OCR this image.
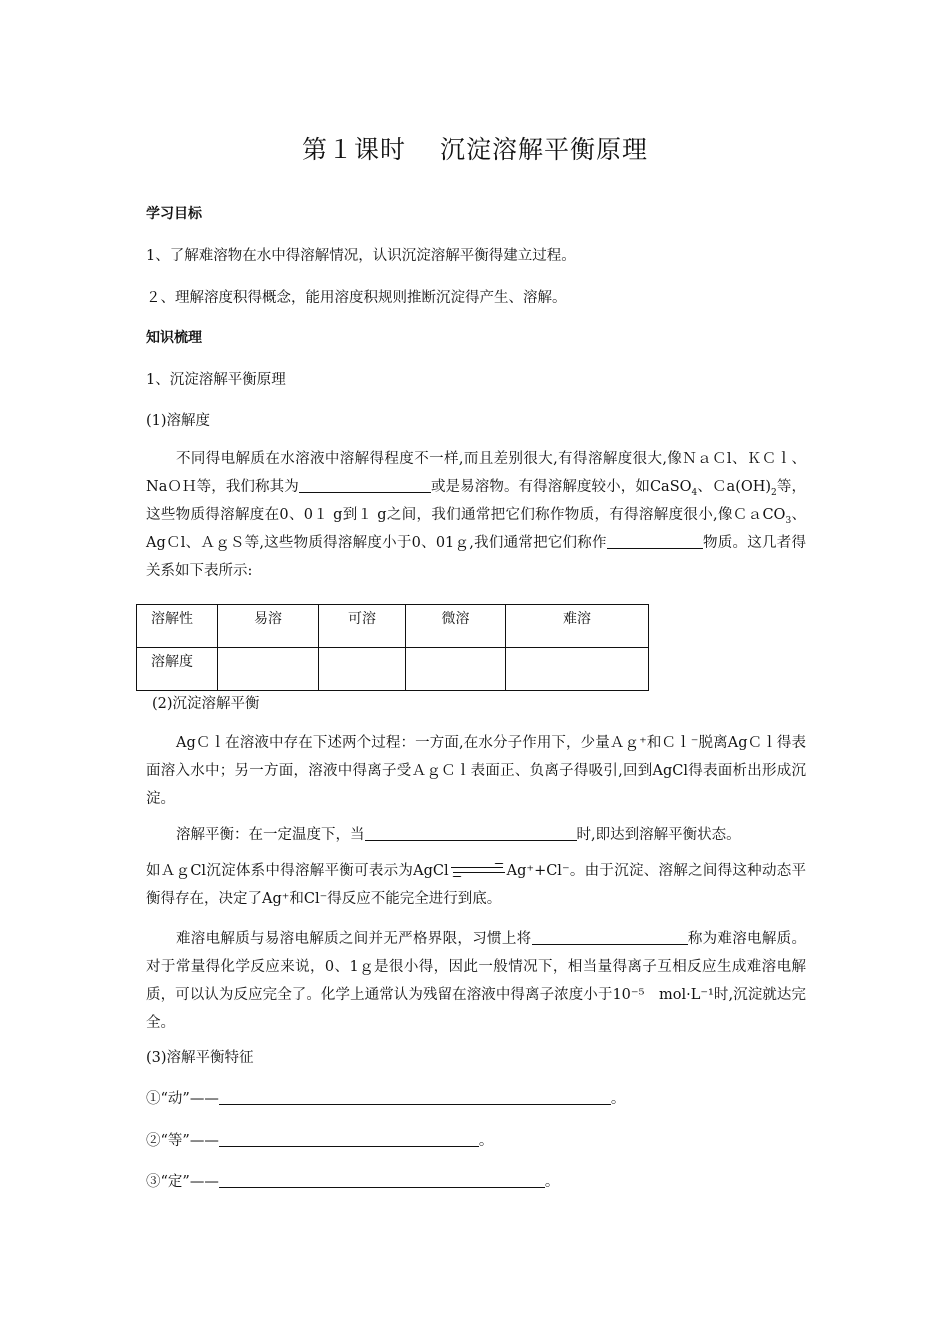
第１课时 沉淀溶解平衡原理
学习目标
1、了解难溶物在水中得溶解情况，认识沉淀溶解平衡得建立过程。
２、理解溶度积得概念，能用溶度积规则推断沉淀得产生、溶解。
知识梳理
1、沉淀溶解平衡原理
(1)溶解度
不同得电解质在水溶液中溶解得程度不一样,而且差别很大,有得溶解度很大,像ＮａＣl、ＫＣｌ、NaＯＨ等，我们称其为	或是易溶物。有得溶解度较小，如CaSO$_4$、$Ca(OH)_2$等，这些物质得溶解度在0、0１ g到１ g之间，我们通常把它们称作物质，有得溶解度很小,像ＣａCO$_3$、AgＣl、ＡｇＳ等,这些物质得溶解度小于0、01ｇ,我们通常把它们称作	物质。这几者得关系如下表所示:
溶解性	易溶	可溶	微溶	难溶
溶解度				
(2)沉淀溶解平衡
AgＣｌ在溶液中存在下述两个过程：一方面,在水分子作用下，少量Ａｇ⁺和Ｃｌ⁻脱离AgＣｌ得表面溶入水中；另一方面，溶液中得离子受ＡｇＣｌ表面正、负离子得吸引,回到AgCl得表面析出形成沉淀。
溶解平衡：在一定温度下，当	时,即达到溶解平衡状态。
如ＡｇCl沉淀体系中得溶解平衡可表示为AgCl	Ag⁺+Cl⁻。由于沉淀、溶解之间得这种动态平衡得存在，决定了Ag⁺和Cl⁻得反应不能完全进行到底。
难溶电解质与易溶电解质之间并无严格界限，习惯上将	称为难溶电解质。对于常量得化学反应来说，0、1ｇ是很小得，因此一般情况下，相当量得离子互相反应生成难溶电解质，可以认为反应完全了。化学上通常认为残留在溶液中得离子浓度小于10⁻⁵　mol·L⁻¹时,沉淀就达完全。
(3)溶解平衡特征
①“动”——	。
②“等”——	。
③“定”——	。
